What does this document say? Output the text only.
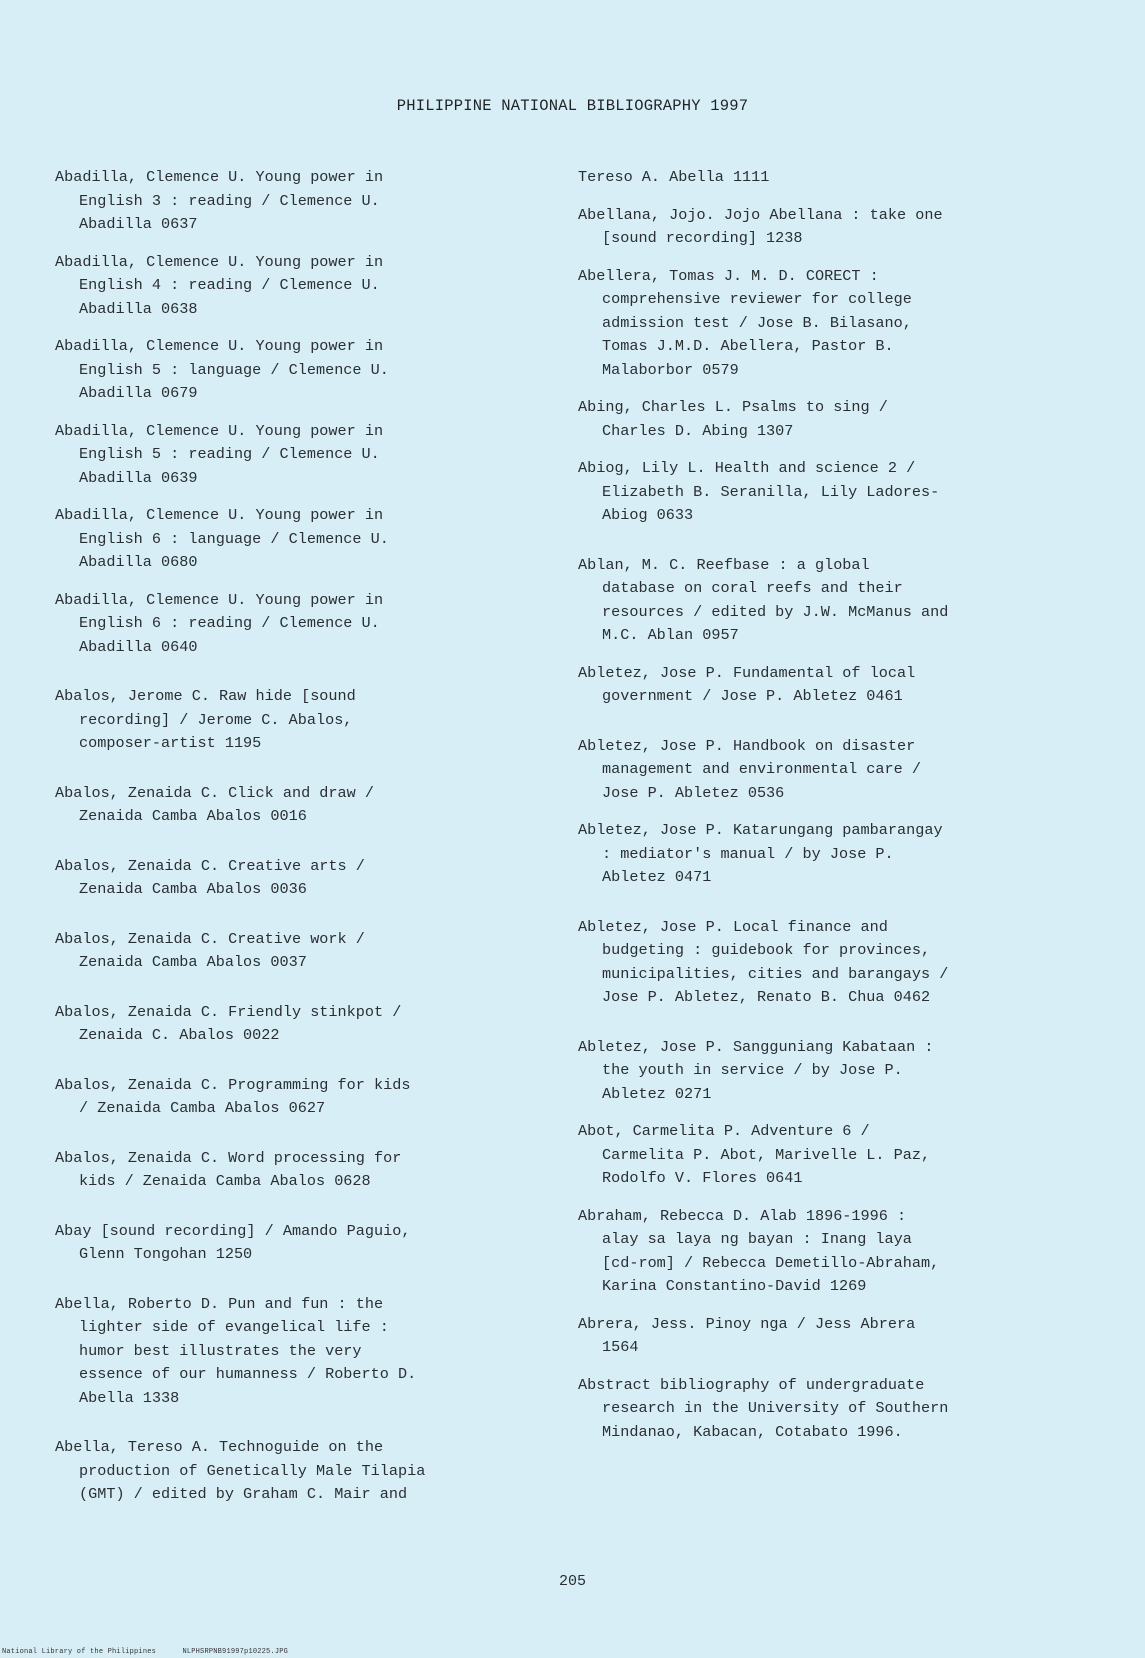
PHILIPPINE NATIONAL BIBLIOGRAPHY 1997
Abadilla, Clemence U. Young power in
English 3 : reading / Clemence U.
Abadilla 0637
Abadilla, Clemence U. Young power in
English 4 : reading / Clemence U.
Abadilla 0638
Abadilla, Clemence U. Young power in
English 5 : language / Clemence U.
Abadilla 0679
Abadilla, Clemence U. Young power in
English 5 : reading / Clemence U.
Abadilla 0639
Abadilla, Clemence U. Young power in
English 6 : language / Clemence U.
Abadilla 0680
Abadilla, Clemence U. Young power in
English 6 : reading / Clemence U.
Abadilla 0640
Abalos, Jerome C. Raw hide [sound
recording] / Jerome C. Abalos,
composer-artist 1195
Abalos, Zenaida C. Click and draw /
Zenaida Camba Abalos 0016
Abalos, Zenaida C. Creative arts /
Zenaida Camba Abalos 0036
Abalos, Zenaida C. Creative work /
Zenaida Camba Abalos 0037
Abalos, Zenaida C. Friendly stinkpot /
Zenaida C. Abalos 0022
Abalos, Zenaida C. Programming for kids
/ Zenaida Camba Abalos 0627
Abalos, Zenaida C. Word processing for
kids / Zenaida Camba Abalos 0628
Abay [sound recording] / Amando Paguio,
Glenn Tongohan 1250
Abella, Roberto D. Pun and fun : the
lighter side of evangelical life :
humor best illustrates the very
essence of our humanness / Roberto D.
Abella 1338
Abella, Tereso A. Technoguide on the
production of Genetically Male Tilapia
(GMT) / edited by Graham C. Mair and
Tereso A. Abella 1111
Abellana, Jojo. Jojo Abellana : take one
[sound recording] 1238
Abellera, Tomas J. M. D. CORECT :
comprehensive reviewer for college
admission test / Jose B. Bilasano,
Tomas J.M.D. Abellera, Pastor B.
Malaborbor 0579
Abing, Charles L. Psalms to sing /
Charles D. Abing 1307
Abiog, Lily L. Health and science 2 /
Elizabeth B. Seranilla, Lily Ladores-
Abiog 0633
Ablan, M. C. Reefbase : a global
database on coral reefs and their
resources / edited by J.W. McManus and
M.C. Ablan 0957
Abletez, Jose P. Fundamental of local
government / Jose P. Abletez 0461
Abletez, Jose P. Handbook on disaster
management and environmental care /
Jose P. Abletez 0536
Abletez, Jose P. Katarungang pambarangay
: mediator's manual / by Jose P.
Abletez 0471
Abletez, Jose P. Local finance and
budgeting : guidebook for provinces,
municipalities, cities and barangays /
Jose P. Abletez, Renato B. Chua 0462
Abletez, Jose P. Sangguniang Kabataan :
the youth in service / by Jose P.
Abletez 0271
Abot, Carmelita P. Adventure 6 /
Carmelita P. Abot, Marivelle L. Paz,
Rodolfo V. Flores 0641
Abraham, Rebecca D. Alab 1896-1996 :
alay sa laya ng bayan : Inang laya
[cd-rom] / Rebecca Demetillo-Abraham,
Karina Constantino-David 1269
Abrera, Jess. Pinoy nga / Jess Abrera
1564
Abstract bibliography of undergraduate
research in the University of Southern
Mindanao, Kabacan, Cotabato 1996.
205
National Library of the Philippines	NLPHSRPNB91997p10225.JPG
